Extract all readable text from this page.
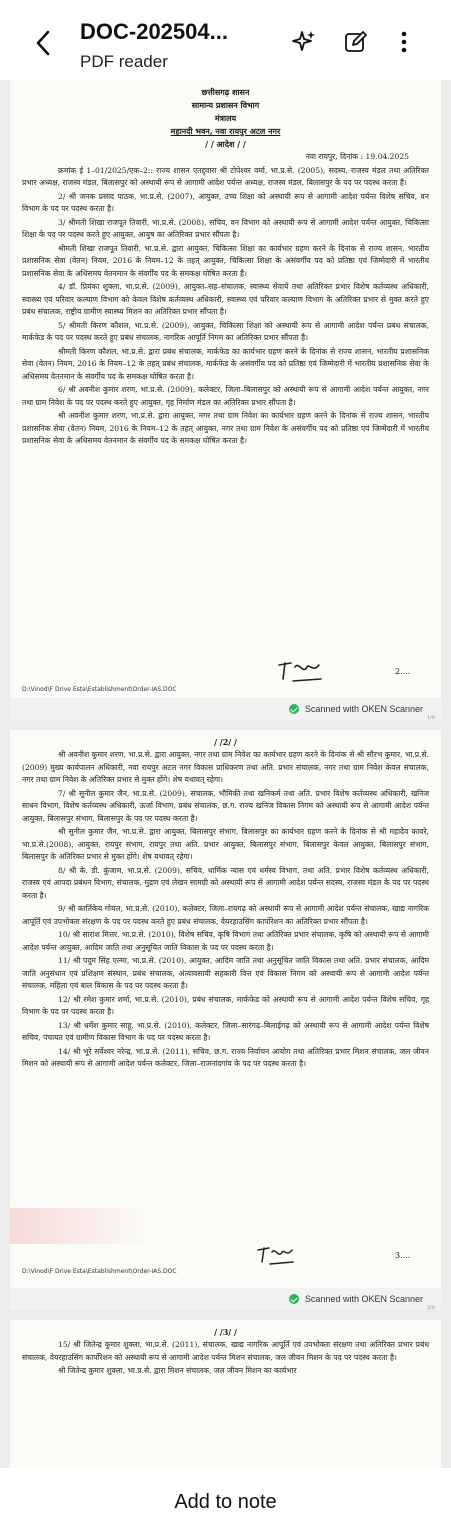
DOC-202504...
PDF reader
छत्तीसगढ़ शासन
सामान्य प्रशासन विभाग
मंत्रालय
महानदी भवन, नवा रायपुर अटल नगर
/ / आदेश / /

नवा रायपुर, दिनांक : 19.04.2025

क्रमांक ई 1–01/2025/एक–2:: राज्य शासन एतद्द्वारा श्री टोपेश्वर वर्मा, भा.प्र.से. (2005), सदस्य, राजस्व मंडल तथा अतिरिक्त प्रभार अध्यक्ष, राजस्व मंडल, बिलासपुर को अस्थायी रूप से आगामी आदेश पर्यन्त अध्यक्ष, राजस्व मंडल, बिलासपुर के पद पर पदस्थ करता है।

2/ श्री जनक प्रसाद पाठक, भा.प्र.से. (2007), आयुक्त, उच्च शिक्षा को अस्थायी रूप से आगामी आदेश पर्यन्त विशेष सचिव, वन विभाग के पद पर पदस्थ करता है।

3/ श्रीमती शिखा राजपूत तिवारी, भा.प्र.से. (2008), सचिव, वन विभाग को अस्थायी रूप से आगामी आदेश पर्यन्त आयुक्त, चिकित्सा शिक्षा के पद पर पदस्थ करते हुए आयुक्त, आयुष का अतिरिक्त प्रभार सौंपता है।

श्रीमती शिखा राजपूत तिवारी, भा.प्र.से. द्वारा आयुक्त, चिकित्सा शिक्षा का कार्यभार ग्रहण करने के दिनांक से राज्य शासन, भारतीय प्रशासनिक सेवा (वेतन) नियम, 2016 के नियम–12 के तहत् आयुक्त, चिकित्सा शिक्षा के असंवर्गीय पद को प्रतिष्ठा एवं जिम्मेदारी में भारतीय प्रशासनिक सेवा के अधिसमय वेतनमान के संवर्गीय पद के समकक्ष घोषित करता है।

4/ डॉ. प्रियंका शुक्ला, भा.प्र.से. (2009), आयुक्त–सह–संचालक, स्वास्थ्य सेवायें तथा अतिरिक्त प्रभार विशेष कर्तव्यस्थ अधिकारी, स्वास्थ्य एवं परिवार कल्याण विभाग को केवल विशेष कर्तव्यस्थ अधिकारी, स्वास्थ्य एवं परिवार कल्याण विभाग के अतिरिक्त प्रभार से मुक्त करते हुए प्रबंध संचालक, राष्ट्रीय ग्रामीण स्वास्थ्य मिशन का अतिरिक्त प्रभार सौंपता है।

5/ श्रीमती किरण कौशल, भा.प्र.से. (2009), आयुक्त, चिकित्सा शिक्षा को अस्थायी रूप से आगामी आदेश पर्यन्त प्रबंध संचालक, मार्कफेड के पद पर पदस्थ करते हुए प्रबंध संचालक, नागरिक आपूर्ति निगम का अतिरिक्त प्रभार सौंपता है।

श्रीमती किरण कौशल, भा.प्र.से. द्वारा प्रबंध संचालक, मार्कफेड का कार्यभार ग्रहण करने के दिनांक से राज्य शासन, भारतीय प्रशासनिक सेवा (वेतन) नियम, 2016 के नियम–12 के तहत् प्रबंध संचालक, मार्कफेड के असंवर्गीय पद को प्रतिष्ठा एवं जिम्मेदारी में भारतीय प्रशासनिक सेवा के अधिसमय वेतनमान के संवर्गीय पद के समकक्ष घोषित करता है।

6/ श्री अवनीश कुमार शरण, भा.प्र.से. (2009), कलेक्टर, जिला–बिलासपुर को अस्थायी रूप से आगामी आदेश पर्यन्त आयुक्त, नगर तथा ग्राम निवेश के पद पर पदस्थ करते हुए आयुक्त, गृह निर्माण मंडल का अतिरिक्त प्रभार सौंपता है।

श्री अवनीश कुमार शरण, भा.प्र.से. द्वारा आयुक्त, नगर तथा ग्राम निवेश का कार्यभार ग्रहण करने के दिनांक से राज्य शासन, भारतीय प्रशासनिक सेवा (वेतन) नियम, 2016 के नियम–12 के तहत् आयुक्त, नगर तथा ग्राम निवेश के असंवर्गीय पद को प्रतिष्ठा एवं जिम्मेदारी में भारतीय प्रशासनिक सेवा के अधिसमय वेतनमान के संवर्गीय पद के समकक्ष घोषित करता है।

2....
D:\Vinod\F Drive Esta\Establishment\Order-IAS.DOC
Scanned with OKEN Scanner
1/8
/ /2/ /

श्री अवनीश कुमार शरण, भा.प्र.से. द्वारा आयुक्त, नगर तथा ग्राम निवेश का कार्यभार ग्रहण करने के दिनांक से श्री सौरभ कुमार, भा.प्र.से. (2009) मुख्य कार्यपालन अधिकारी, नवा रायपुर अटल नगर विकास प्राधिकरण तथा अति. प्रभार संचालक, नगर तथा ग्राम निवेश केवल संचालक, नगर तथा ग्राम निवेश के अतिरिक्त प्रभार से मुक्त होंगे। शेष यथावत् रहेगा।

7/ श्री सुनील कुमार जैन, भा.प्र.से. (2009), संचालक, भौमिकी तथा खनिकर्म तथा अति. प्रभार विशेष कर्तव्यस्थ अधिकारी, खनिज साधन विभाग, विशेष कर्तव्यस्थ अधिकारी, ऊर्जा विभाग, प्रबंध संचालक, छ.ग. राज्य खनिज विकास निगम को अस्थायी रूप से आगामी आदेश पर्यन्त आयुक्त, बिलासपुर संभाग, बिलासपुर के पद पर पदस्थ करता है।

श्री सुनील कुमार जैन, भा.प्र.से. द्वारा आयुक्त, बिलासपुर संभाग, बिलासपुर का कार्यभार ग्रहण करने के दिनांक से श्री महादेव कावरे, भा.प्र.से.(2008), आयुक्त, रायपुर संभाग, रायपुर तथा अति. प्रभार आयुक्त, बिलासपुर संभाग, बिलासपुर केवल आयुक्त, बिलासपुर संभाग, बिलासपुर के अतिरिक्त प्रभार से मुक्त होंगे। शेष यथावत् रहेगा।

8/ श्री के. डी. कुंजाम, भा.प्र.से. (2009), सचिव, धार्मिक न्यास एवं धर्मस्व विभाग, तथा अति. प्रभार विशेष कर्तव्यस्थ अधिकारी, राजस्व एवं आपदा प्रबंधन विभाग, संचालक, मुद्रण एवं लेखन सामग्री को अस्थायी रूप से आगामी आदेश पर्यन्त सदस्य, राजस्व मंडल के पद पर पदस्थ करता है।

9/ श्री कार्तिकेय गोयल, भा.प्र.से. (2010), कलेक्टर, जिला–रायगढ़ को अस्थायी रूप से आगामी आदेश पर्यन्त संचालक, खाद्य नागरिक आपूर्ति एवं उपभोक्ता संरक्षण के पद पर पदस्थ करते हुए प्रबंध संचालक, वेयरहाउसिंग कार्पोरेशन का अतिरिक्त प्रभार सौंपता है।

10/ श्री सारांश मित्तर, भा.प्र.से. (2010), विशेष सचिव, कृषि विभाग तथा अतिरिक्त प्रभार संचालक, कृषि को अस्थायी रूप से आगामी आदेश पर्यन्त आयुक्त, आदिम जाति तथा अनुसूचित जाति विकास के पद पर पदस्थ करता है।

11/ श्री पदुम सिंह एल्मा, भा.प्र.से. (2010), आयुक्त, आदिम जाति तथा अनुसूचित जाति विकास तथा अति. प्रभार संचालक, आदिम जाति अनुसंधान एवं प्रशिक्षण संस्थान, प्रबंध संचालक, अंत्यावसायी सहकारी वित्त एवं विकास निगम को अस्थायी रूप से आगामी आदेश पर्यन्त संचालक, महिला एवं बाल विकास के पद पर पदस्थ करता है।

12/ श्री रमेश कुमार शर्मा, भा.प्र.से. (2010), प्रबंध संचालक, मार्कफेड को अस्थायी रूप से आगामी आदेश पर्यन्त विशेष सचिव, गृह विभाग के पद पर पदस्थ करता है।

13/ श्री धर्मेश कुमार साहू, भा.प्र.से. (2010), कलेक्टर, जिला–सारंगढ़–बिलाईगढ़ को अस्थायी रूप से आगामी आदेश पर्यन्त विशेष सचिव, पंचायत एवं ग्रामीण विकास विभाग के पद पर पदस्थ करता है।

14/ श्री भूरे सर्वेश्वर नरेन्द्र, भा.प्र.से. (2011), सचिव, छ.ग. राज्य निर्वाचन आयोग तथा अतिरिक्त प्रभार मिशन संचालक, जल जीवन मिशन को अस्थायी रूप से आगामी आदेश पर्यन्त कलेक्टर, जिला–राजनांदगांव के पद पर पदस्थ करता है।

3....
D:\Vinod\F Drive Esta\Establishment\Order-IAS.DOC
Scanned with OKEN Scanner
2/8
/ /3/ /

15/ श्री जितेन्द्र कुमार शुक्ला, भा.प्र.से. (2011), संचालक, खाद्य नागरिक आपूर्ति एवं उपभोक्ता संरक्षण तथा अतिरिक्त प्रभार प्रबंध संचालक, वेयरहाउसिंग कार्पोरेशन को अस्थायी रूप से आगामी आदेश पर्यन्त मिशन संचालक, जल जीवन मिशन के पद पर पदस्थ करता है।

श्री जितेन्द्र कुमार शुक्ला, भा.प्र.से. द्वारा मिशन संचालक, जल जीवन मिशन का कार्यभार

Add to note
